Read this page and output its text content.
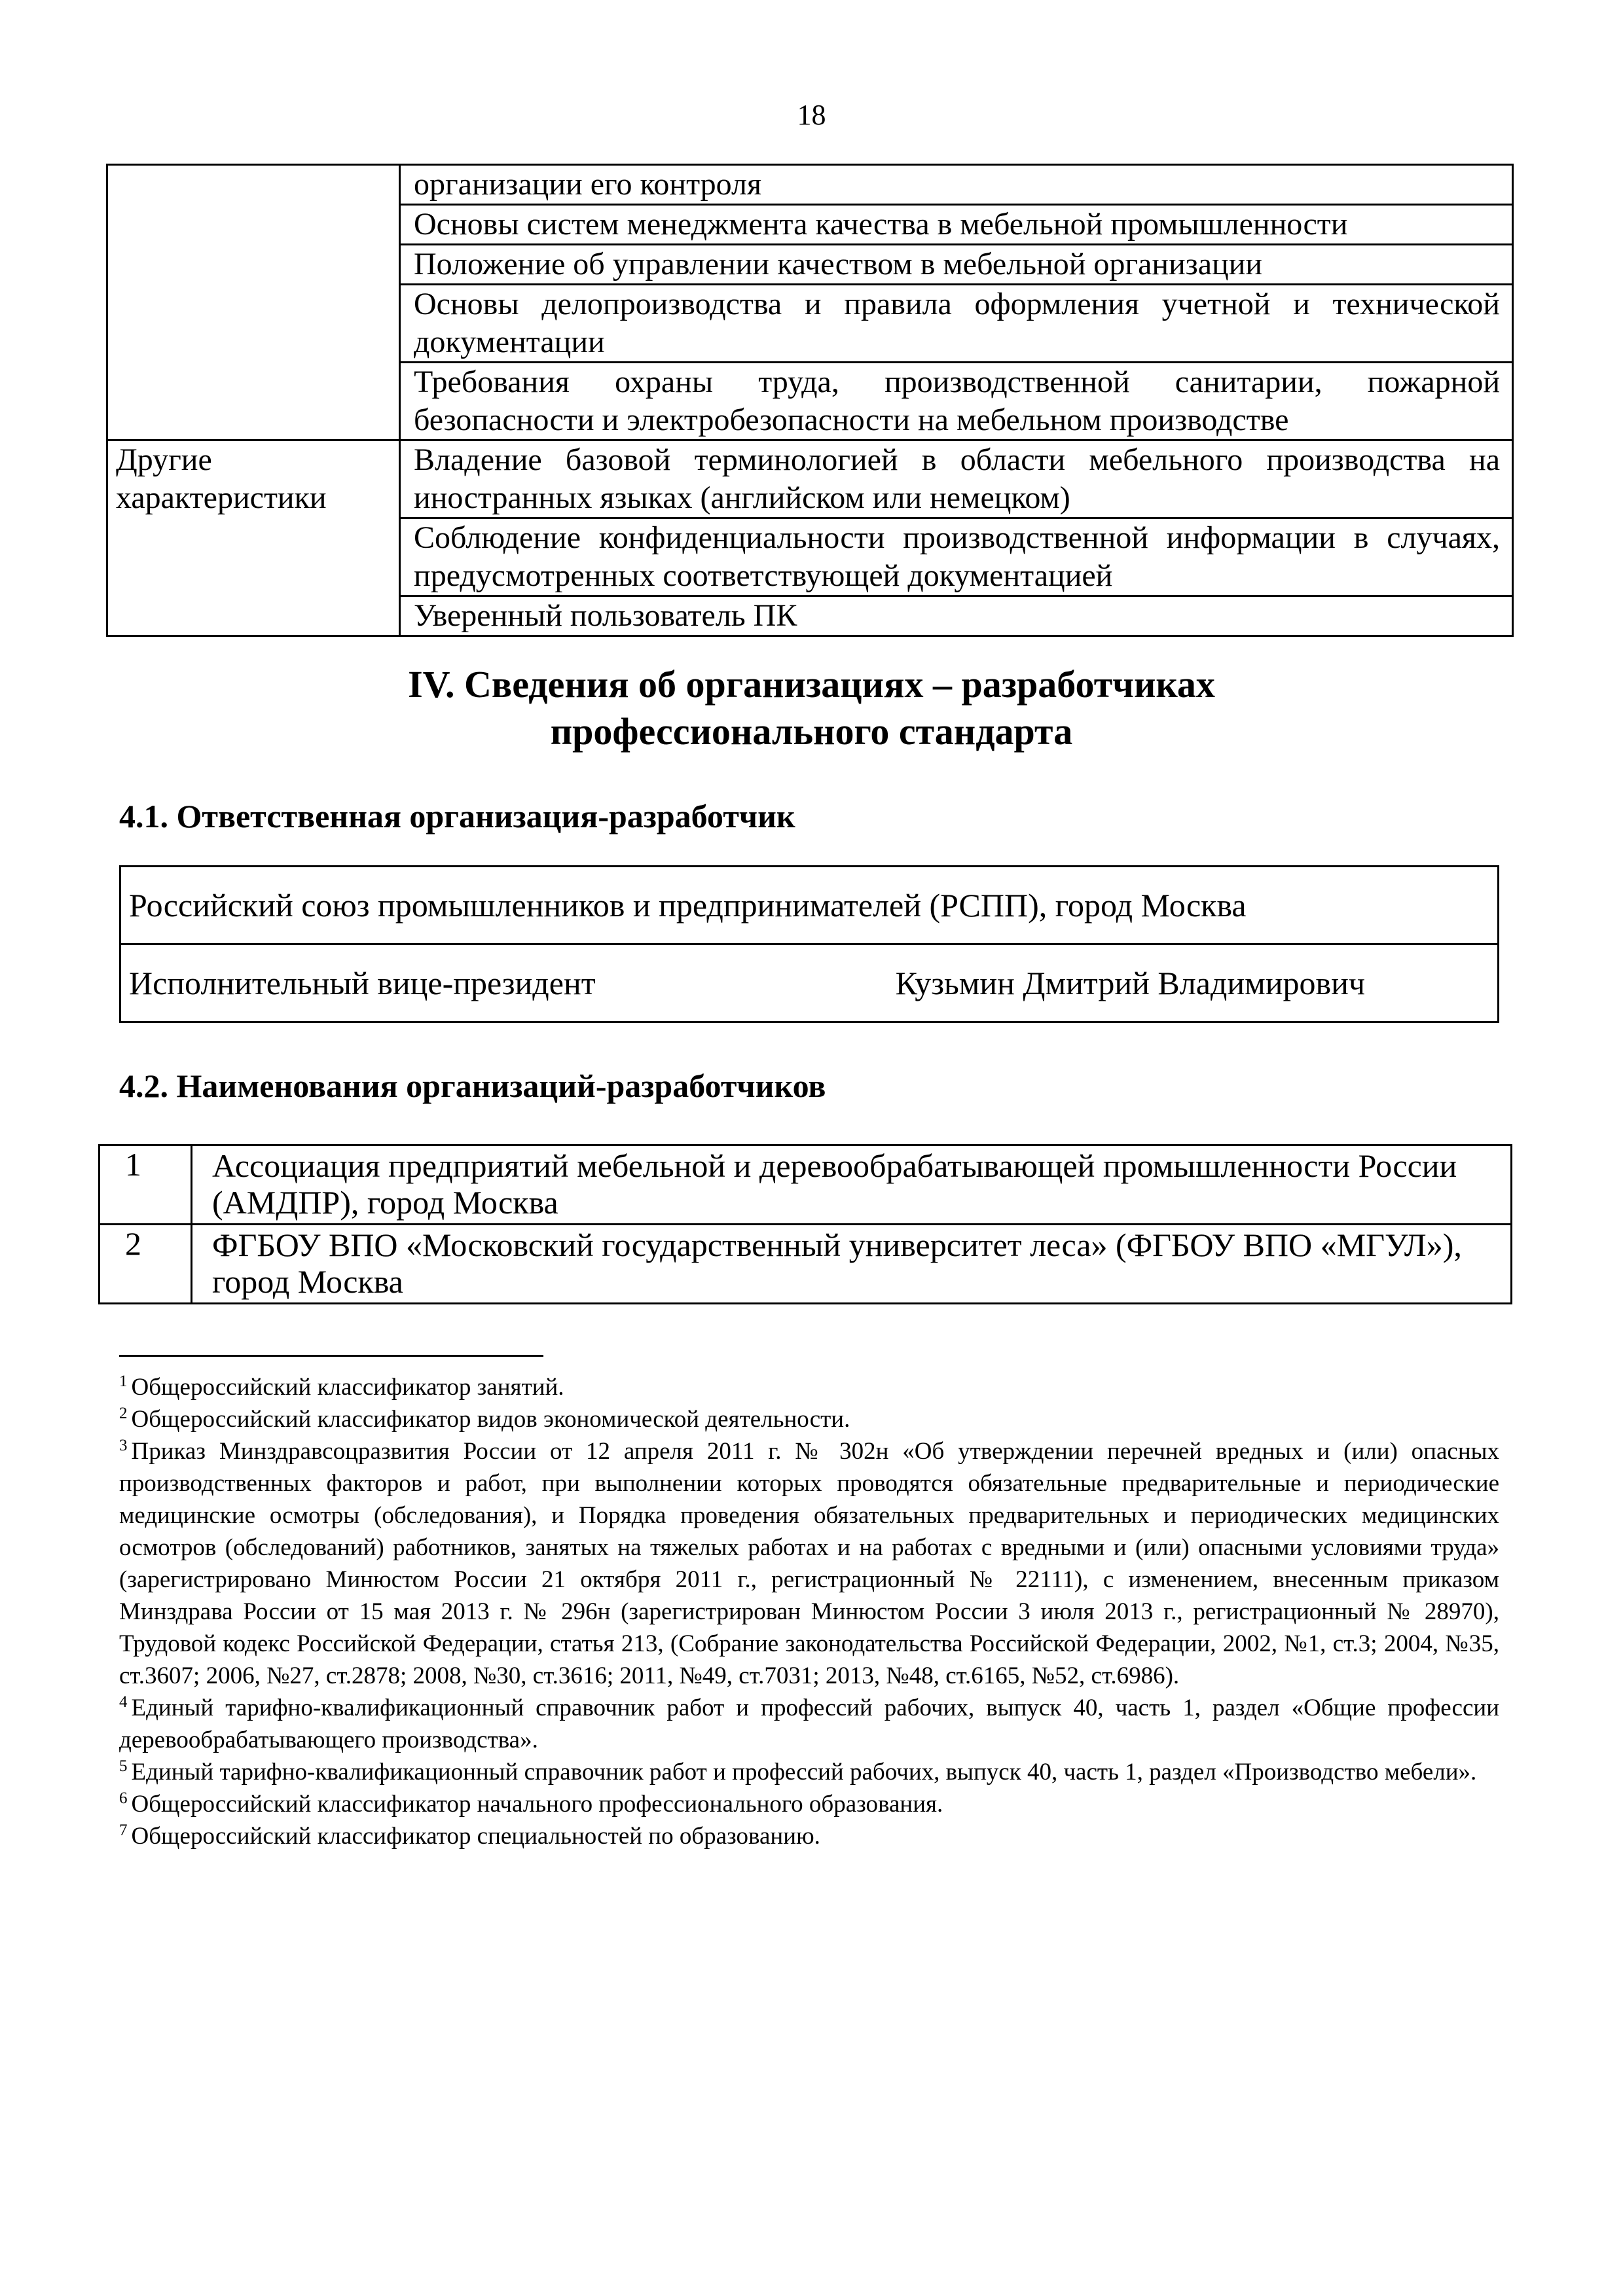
18
	организации его контроля
	Основы систем менеджмента качества в мебельной промышленности
	Положение об управлении качеством в мебельной организации
	Основы делопроизводства и правила оформления учетной и технической документации
	Требования охраны труда, производственной санитарии, пожарной безопасности и электробезопасности на мебельном производстве
Другие характеристики	Владение базовой терминологией в области мебельного производства на иностранных языках (английском или немецком)
	Соблюдение конфиденциальности производственной информации в случаях, предусмотренных соответствующей документацией
	Уверенный пользователь ПК
IV. Сведения об организациях – разработчиках
профессионального стандарта
4.1. Ответственная организация-разработчик
Российский союз промышленников и предпринимателей (РСПП), город Москва

Исполнительный вице-президент	Кузьмин Дмитрий Владимирович
4.2. Наименования организаций-разработчиков
1	Ассоциация предприятий мебельной и деревообрабатывающей промышленности России (АМДПР), город Москва
2	ФГБОУ ВПО «Московский государственный университет леса» (ФГБОУ ВПО «МГУЛ»), город Москва

$^1$ Общероссийский классификатор занятий.

$^2$ Общероссийский классификатор видов экономической деятельности.

$^3$ Приказ Минздравсоцразвития России от 12 апреля 2011 г. № 302н «Об утверждении перечней вредных и (или) опасных производственных факторов и работ, при выполнении которых проводятся обязательные предварительные и периодические медицинские осмотры (обследования), и Порядка проведения обязательных предварительных и периодических медицинских осмотров (обследований) работников, занятых на тяжелых работах и на работах с вредными и (или) опасными условиями труда» (зарегистрировано Минюстом России 21 октября 2011 г., регистрационный № 22111), с изменением, внесенным приказом Минздрава России от 15 мая 2013 г. № 296н (зарегистрирован Минюстом России 3 июля 2013 г., регистрационный № 28970), Трудовой кодекс Российской Федерации, статья 213, (Собрание законодательства Российской Федерации, 2002, №1, ст.3; 2004, №35, ст.3607; 2006, №27, ст.2878; 2008, №30, ст.3616; 2011, №49, ст.7031; 2013, №48, ст.6165, №52, ст.6986).

$^4$ Единый тарифно-квалификационный справочник работ и профессий рабочих, выпуск 40, часть 1, раздел «Общие профессии деревообрабатывающего производства».

$^5$ Единый тарифно-квалификационный справочник работ и профессий рабочих, выпуск 40, часть 1, раздел «Производство мебели».

$^6$ Общероссийский классификатор начального профессионального образования.

$^7$ Общероссийский классификатор специальностей по образованию.
